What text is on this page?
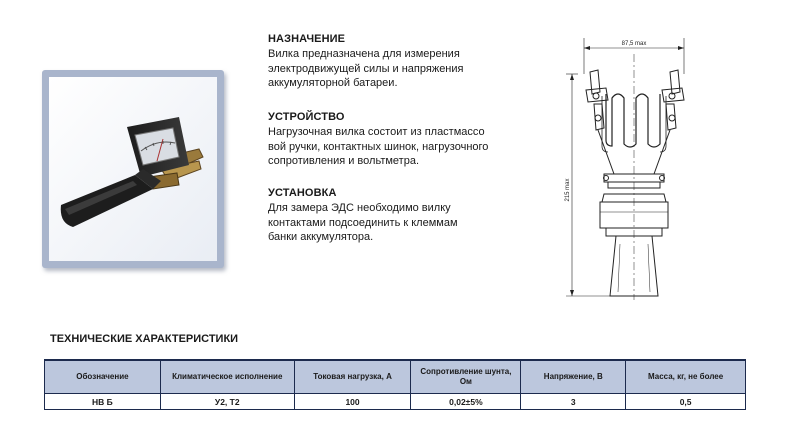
НАЗНАЧЕНИЕ

Вилка предназначена для измерения
электродвижущей силы и напряжения
аккумуляторной батареи.

УСТРОЙСТВО

Нагрузочная вилка состоит из пластмассо
вой ручки, контактных шинок, нагрузочного
сопротивления и вольтметра.

УСТАНОВКА

Для замера ЭДС необходимо вилку
контактами подсоединить к клеммам
банки аккумулятора.

87,5 max
215 max
ТЕХНИЧЕСКИЕ ХАРАКТЕРИСТИКИ
Обозначение	Климатическое исполнение	Токовая нагрузка, А	Сопротивление шунта, Ом	Напряжение, В	Масса, кг, не более
НВ Б	У2, Т2	100	0,02±5%	3	0,5
